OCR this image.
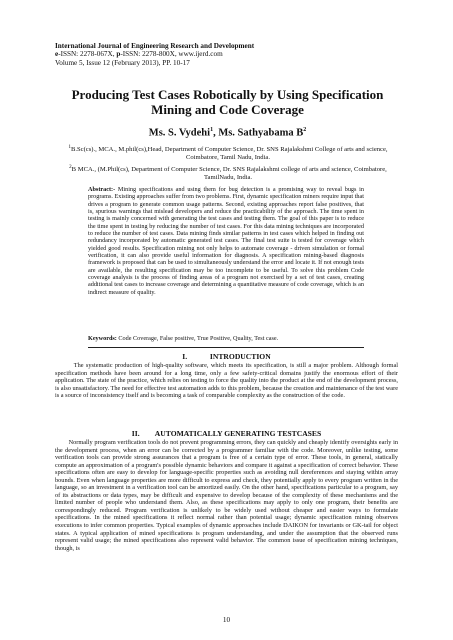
International Journal of Engineering Research and Development
e-ISSN: 2278-067X, p-ISSN: 2278-800X, www.ijerd.com
Volume 5, Issue 12 (February 2013), PP. 10-17
Producing Test Cases Robotically by Using Specification Mining and Code Coverage
Ms. S. Vydehi$^1$, Ms. Sathyabama $B^2$
$^1$B.Sc(cs)., MCA., M.phil(cs),Head, Department of Computer Science, Dr. SNS Rajalakshmi College of arts and science, Coimbatore, Tamil Nadu, India.
$^2$B MCA., (M.Phil(cs), Department of Computer Science, Dr. SNS Rajalakshmi college of arts and science, Coimbatore, TamilNadu, India.
Abstract:- Mining specifications and using them for bug detection is a promising way to reveal bugs in programs. Existing approaches suffer from two problems. First, dynamic specification miners require input that drives a program to generate common usage patterns. Second, existing approaches report false positives, that is, spurious warnings that mislead developers and reduce the practicability of the approach. The time spent in testing is mainly concerned with generating the test cases and testing them. The goal of this paper is to reduce the time spent in testing by reducing the number of test cases. For this data mining techniques are incorporated to reduce the number of test cases. Data mining finds similar patterns in test cases which helped in finding out redundancy incorporated by automatic generated test cases. The final test suite is tested for coverage which yielded good results. Specification mining not only helps to automate coverage - driven simulation or formal verification, it can also provide useful information for diagnosis. A specification mining-based diagnosis framework is proposed that can be used to simultaneously understand the error and locate it. If not enough tests are available, the resulting specification may be too incomplete to be useful. To solve this problem Code coverage analysis is the process of finding areas of a program not exercised by a set of test cases, creating additional test cases to increase coverage and determining a quantitative measure of code coverage, which is an indirect measure of quality.
Keywords: Code Coverage, False positive, True Positive, Quality, Test case.
I.            INTRODUCTION
The systematic production of high-quality software, which meets its specification, is still a major problem. Although formal specification methods have been around for a long time, only a few safety-critical domains justify the enormous effort of their application. The state of the practice, which relies on testing to force the quality into the product at the end of the development process, is also unsatisfactory. The need for effective test automation adds to this problem, because the creation and maintenance of the test ware is a source of inconsistency itself and is becoming a task of comparable complexity as the construction of the code.
II.        AUTOMATICALLY GENERATING TESTCASES
Normally program verification tools do not prevent programming errors, they can quickly and cheaply identify oversights early in the development process, when an error can be corrected by a programmer familiar with the code. Moreover, unlike testing, some verification tools can provide strong assurances that a program is free of a certain type of error. These tools, in general, statically compute an approximation of a program's possible dynamic behaviors and compare it against a specification of correct behavior. These specifications often are easy to develop for language-specific properties such as avoiding null dereferences and staying within array bounds. Even when language properties are more difficult to express and check, they potentially apply to every program written in the language, so an investment in a verification tool can be amortized easily. On the other hand, specifications particular to a program, say of its abstractions or data types, may be difficult and expensive to develop because of the complexity of these mechanisms and the limited number of people who understand them. Also, as these specifications may apply to only one program, their benefits are correspondingly reduced. Program verification is unlikely to be widely used without cheaper and easier ways to formulate specifications. In the mined specifications it reflect normal rather than potential usage; dynamic specification mining observes executions to infer common properties. Typical examples of dynamic approaches include DAIKON for invariants or GK-tail for object states. A typical application of mined specifications is program understanding, and under the assumption that the observed runs represent valid usage; the mined specifications also represent valid behavior. The common issue of specification mining techniques, though, is
10
